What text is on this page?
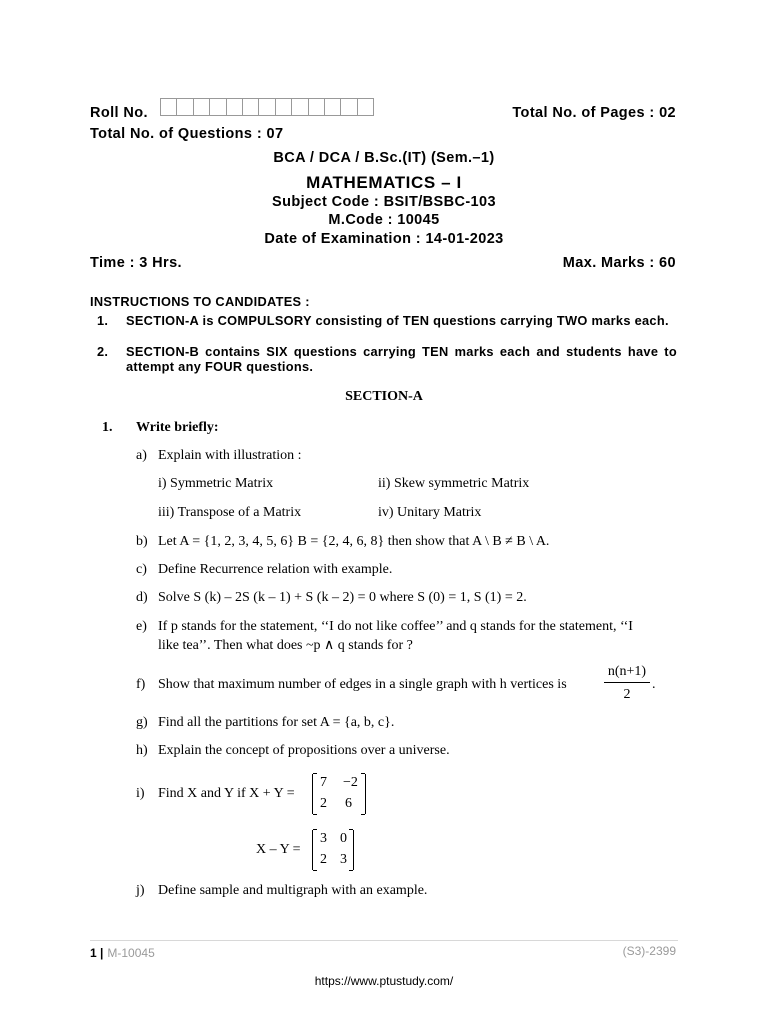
Roll No.	Total No. of Pages : 02
Total No. of Questions : 07
BCA / DCA / B.Sc.(IT) (Sem.–1)
MATHEMATICS – I
Subject Code : BSIT/BSBC-103
M.Code : 10045
Date of Examination : 14-01-2023
Time : 3 Hrs.	Max. Marks : 60
INSTRUCTIONS TO CANDIDATES :
1. SECTION-A is COMPULSORY consisting of TEN questions carrying TWO marks each.
2. SECTION-B contains SIX questions carrying TEN marks each and students have to attempt any FOUR questions.
SECTION-A
1. Write briefly:
a) Explain with illustration :
i) Symmetric Matrix	ii) Skew symmetric Matrix
iii) Transpose of a Matrix	iv) Unitary Matrix
b) Let A = {1, 2, 3, 4, 5, 6} B = {2, 4, 6, 8} then show that A \ B ≠ B \ A.
c) Define Recurrence relation with example.
d) Solve S (k) – 2S (k – 1) + S (k – 2) = 0 where S (0) = 1, S (1) = 2.
e) If p stands for the statement, ‘‘I do not like coffee’’ and q stands for the statement, ‘‘I
like tea’’. Then what does ~p ∧ q stands for ?
f) Show that maximum number of edges in a single graph with h vertices is
n(n+1)
2
.
g) Find all the partitions for set A = {a, b, c}.
h) Explain the concept of propositions over a universe.
i) Find X and Y if X + Y =
7 −2
2 6
X – Y =
3 0
2 3
j) Define sample and multigraph with an example.
1 | M-10045	(S3)-2399
https://www.ptustudy.com/
